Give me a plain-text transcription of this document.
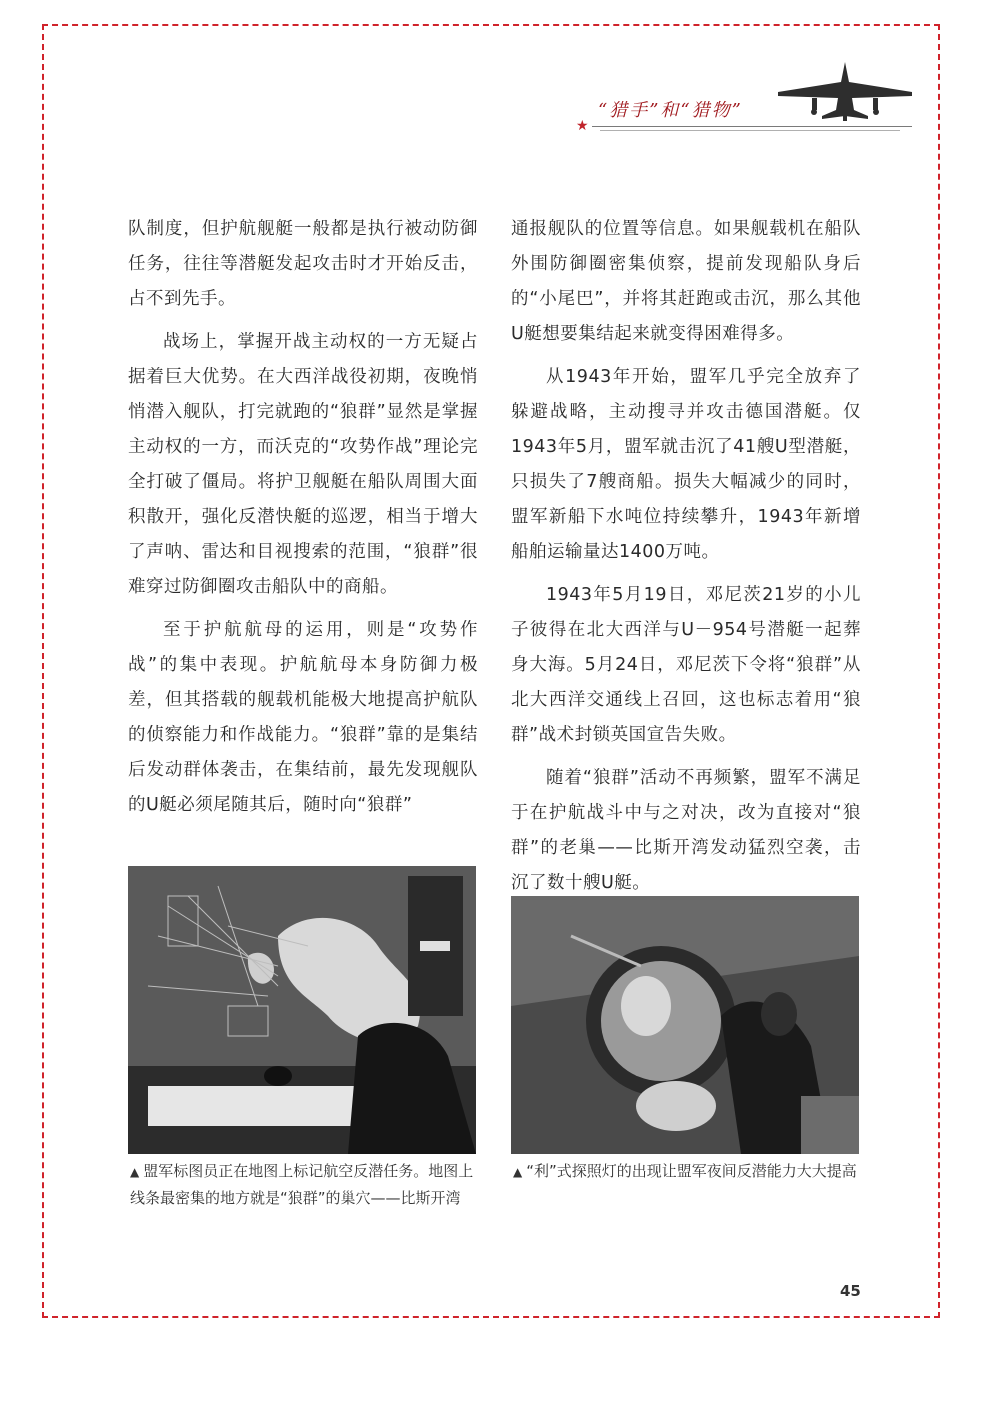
“猎手”和“猎物”
★

队制度，但护航舰艇一般都是执行被动防御任务，往往等潜艇发起攻击时才开始反击，占不到先手。

战场上，掌握开战主动权的一方无疑占据着巨大优势。在大西洋战役初期，夜晚悄悄潜入舰队，打完就跑的“狼群”显然是掌握主动权的一方，而沃克的“攻势作战”理论完全打破了僵局。将护卫舰艇在船队周围大面积散开，强化反潜快艇的巡逻，相当于增大了声呐、雷达和目视搜索的范围，“狼群”很难穿过防御圈攻击船队中的商船。

至于护航航母的运用，则是“攻势作战”的集中表现。护航航母本身防御力极差，但其搭载的舰载机能极大地提高护航队的侦察能力和作战能力。“狼群”靠的是集结后发动群体袭击，在集结前，最先发现舰队的U艇必须尾随其后，随时向“狼群”

通报舰队的位置等信息。如果舰载机在船队外围防御圈密集侦察，提前发现船队身后的“小尾巴”，并将其赶跑或击沉，那么其他U艇想要集结起来就变得困难得多。

从1943年开始，盟军几乎完全放弃了躲避战略，主动搜寻并攻击德国潜艇。仅1943年5月，盟军就击沉了41艘U型潜艇，只损失了7艘商船。损失大幅减少的同时，盟军新船下水吨位持续攀升，1943年新增船舶运输量达1400万吨。

1943年5月19日，邓尼茨21岁的小儿子彼得在北大西洋与U－954号潜艇一起葬身大海。5月24日，邓尼茨下令将“狼群”从北大西洋交通线上召回，这也标志着用“狼群”战术封锁英国宣告失败。

随着“狼群”活动不再频繁，盟军不满足于在护航战斗中与之对决，改为直接对“狼群”的老巢——比斯开湾发动猛烈空袭，击沉了数十艘U艇。

▲ 盟军标图员正在地图上标记航空反潜任务。地图上线条最密集的地方就是“狼群”的巢穴——比斯开湾
▲ “利”式探照灯的出现让盟军夜间反潜能力大大提高
45
